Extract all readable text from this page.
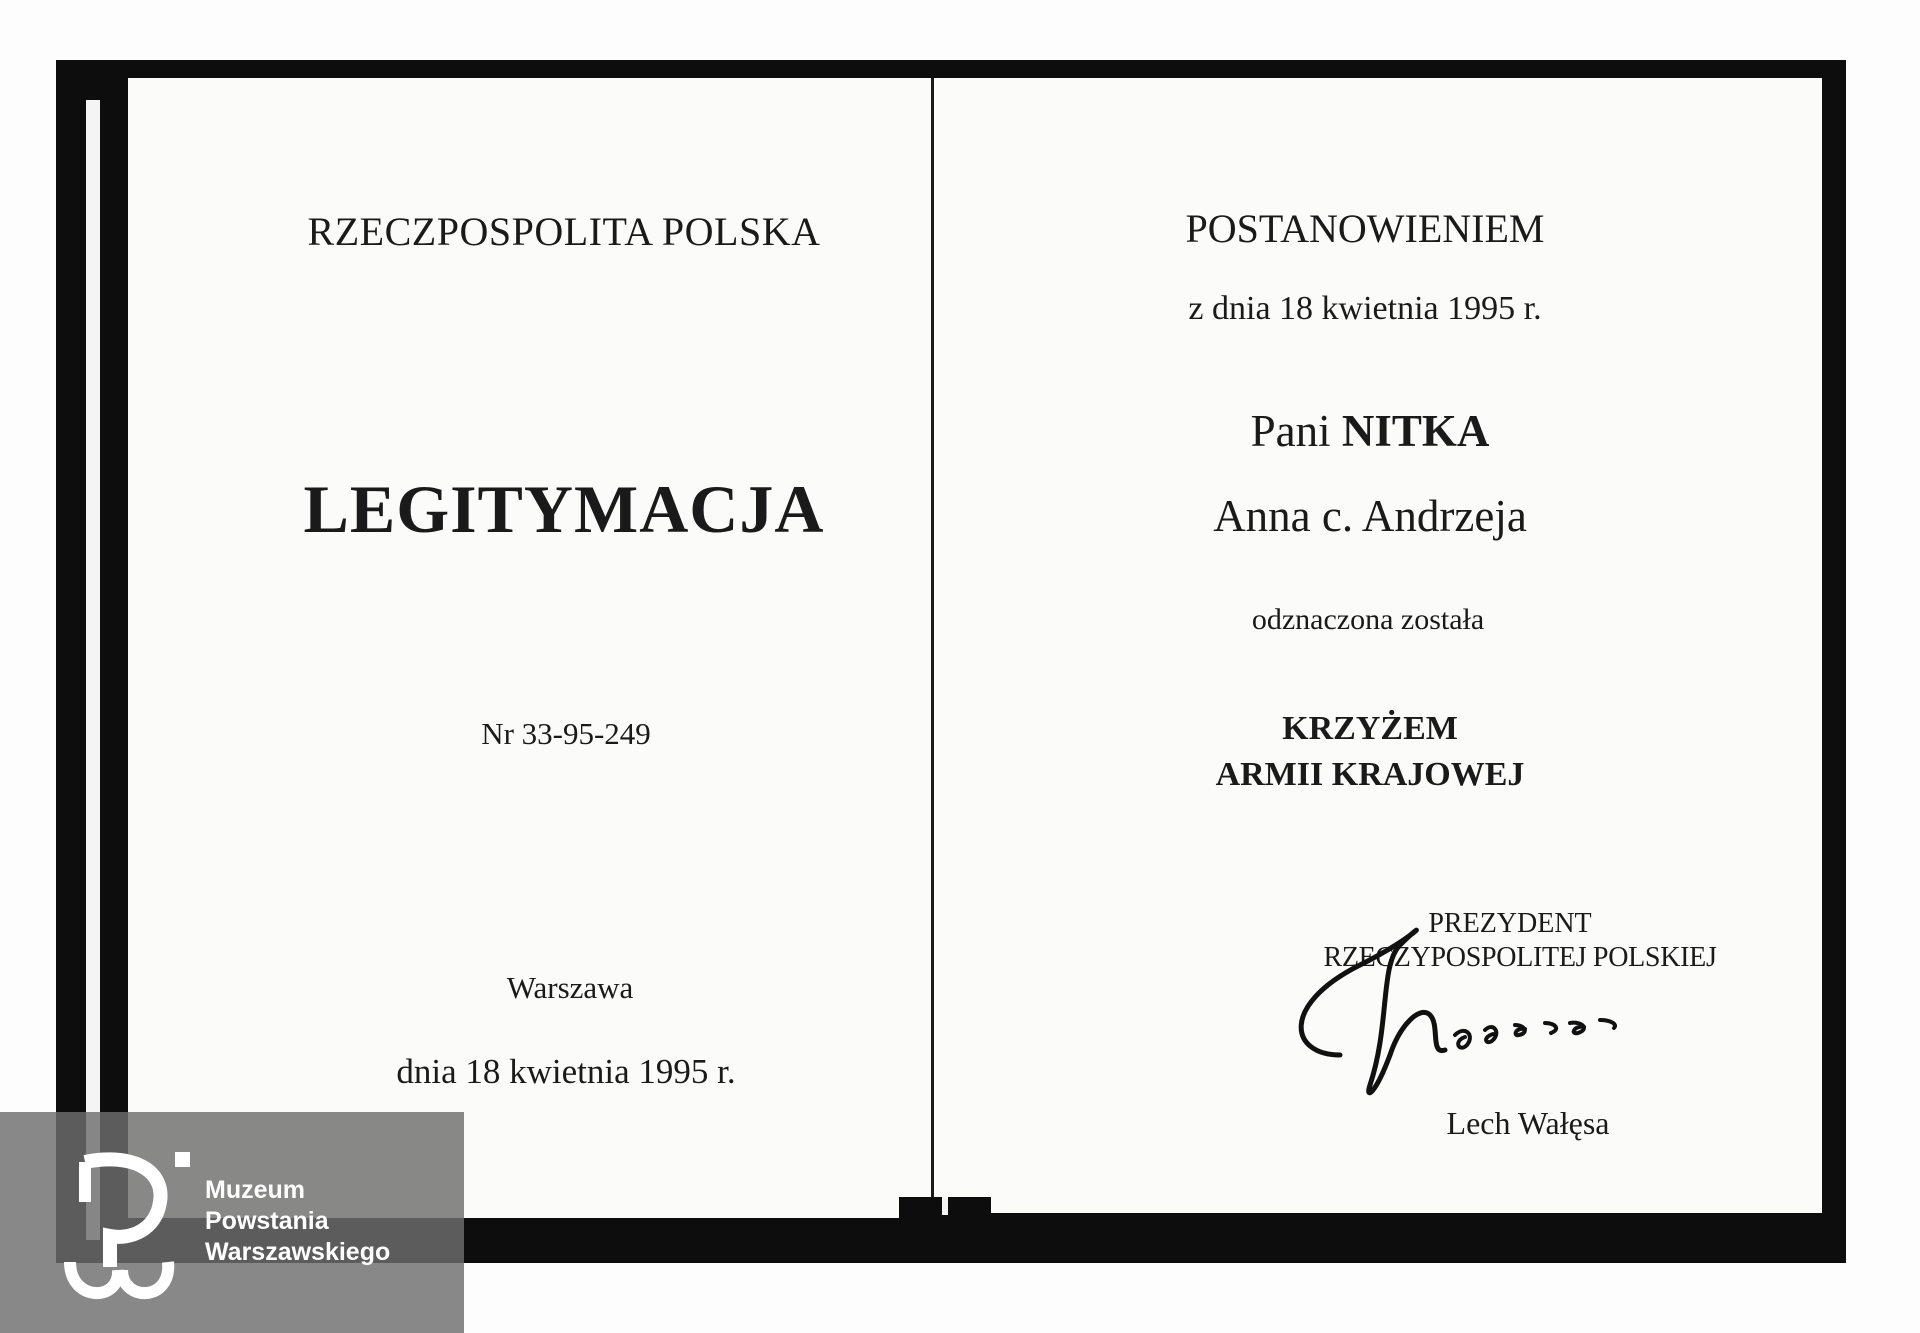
RZECZPOSPOLITA POLSKA
LEGITYMACJA
Nr 33-95-249
Warszawa
dnia 18 kwietnia 1995 r.
POSTANOWIENIEM
z dnia 18 kwietnia 1995 r.
Pani NITKA
Anna c. Andrzeja
odznaczona została
KRZYŻEM
ARMII KRAJOWEJ
PREZYDENT
RZECZYPOSPOLITEJ POLSKIEJ
Lech Wałęsa
Muzeum
Powstania
Warszawskiego
